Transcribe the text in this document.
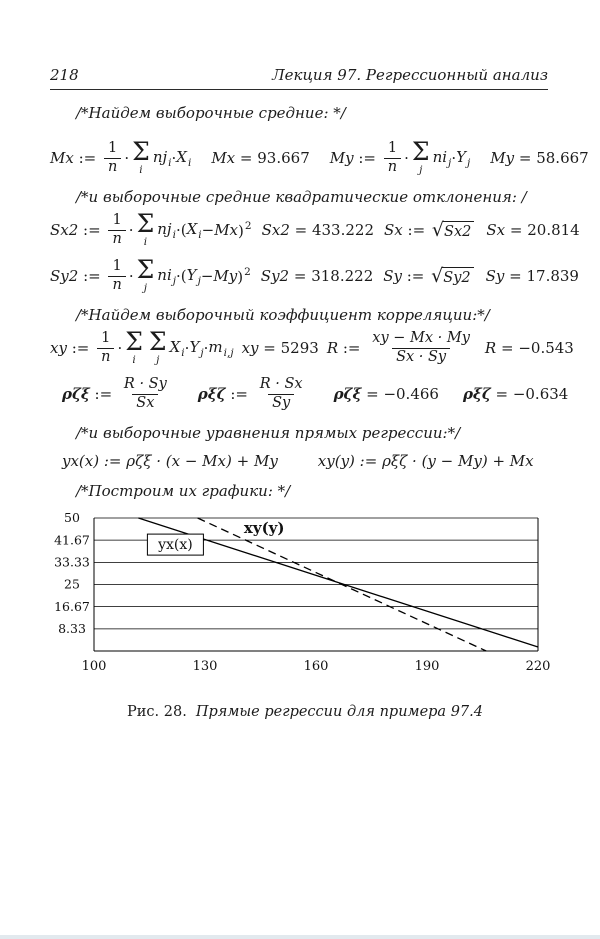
218	Лекция 97. Регрессионный анализ
/*Найдем выборочные средние: */
Mx := $\frac{1}{n} \cdot \Sigma$
i
$nj_i \cdot X_i$ Mx = 93.667 My := $\frac{1}{n} \cdot \Sigma$
j
$ni_j \cdot Y_j$ My = 58.667
/*и выборочные средние квадратические отклонения: /
Sx2 := $\frac{1}{n} \cdot \Sigma$
i
$nj_i$ · ( $X_i - Mx$ )$^2$ Sx2 = 433.222 Sx := √ Sx2 Sx = 20.814
Sy2 := $\frac{1}{n} \cdot \Sigma$
j
$ni_j$ · ( $Y_j - My$ )$^2$ Sy2 = 318.222 Sy := √ Sy2 Sy = 17.839
/*Найдем выборочный коэффициент корреляции:*/
xy := $\frac{1}{n} \cdot \Sigma$
i
Σ
j
$X_i \cdot Y_j \cdot m_{i,j}$ xy = 5293 R := $\frac{xy - Mx \cdot My}{Sx \cdot Sy}$ R = −0.543
ρζξ := $\frac{R \cdot Sy}{Sx}$ ρξζ := $\frac{R \cdot Sx}{Sy}$ ρζξ = −0.466 ρξζ = −0.634
/*и выборочные уравнения прямых регрессии:*/
yx(x) := ρζξ · (x − Mx) + My	xy(y) := ρξζ · (y − My) + Mx
/*Построим их графики: */
50
41.67
33.33
25
16.67
8.33
100	130	160	190	220
yx(x)
xy(y)
Рис. 28. Прямые регрессии для примера 97.4
